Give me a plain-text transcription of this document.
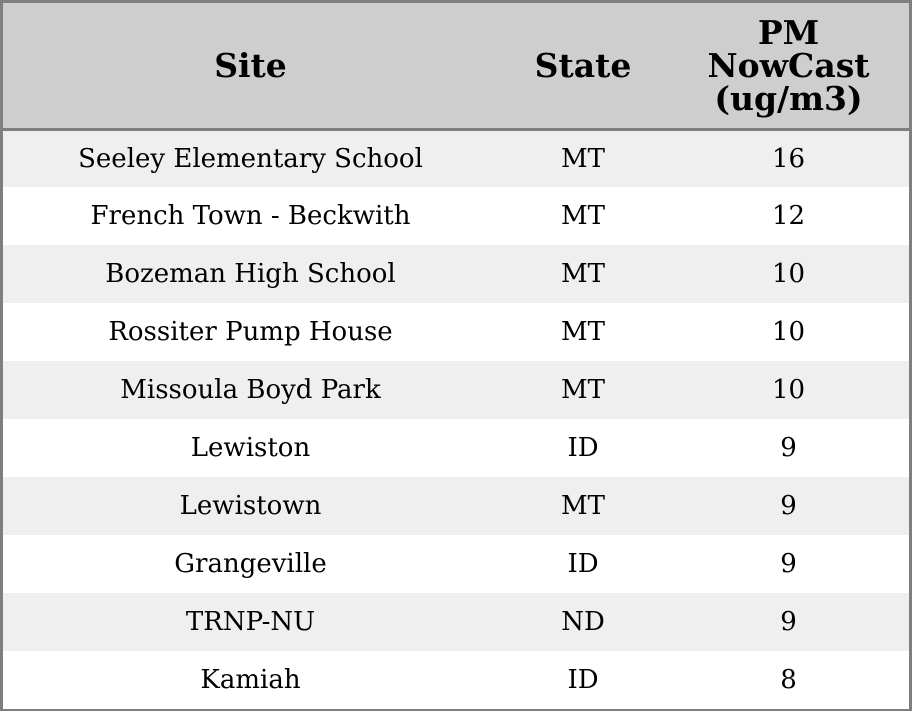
Site	State	PM
NowCast
(ug/m3)

Seeley Elementary School	MT	16
French Town - Beckwith	MT	12
Bozeman High School	MT	10
Rossiter Pump House	MT	10
Missoula Boyd Park	MT	10
Lewiston	ID	9
Lewistown	MT	9
Grangeville	ID	9
TRNP-NU	ND	9
Kamiah	ID	8
